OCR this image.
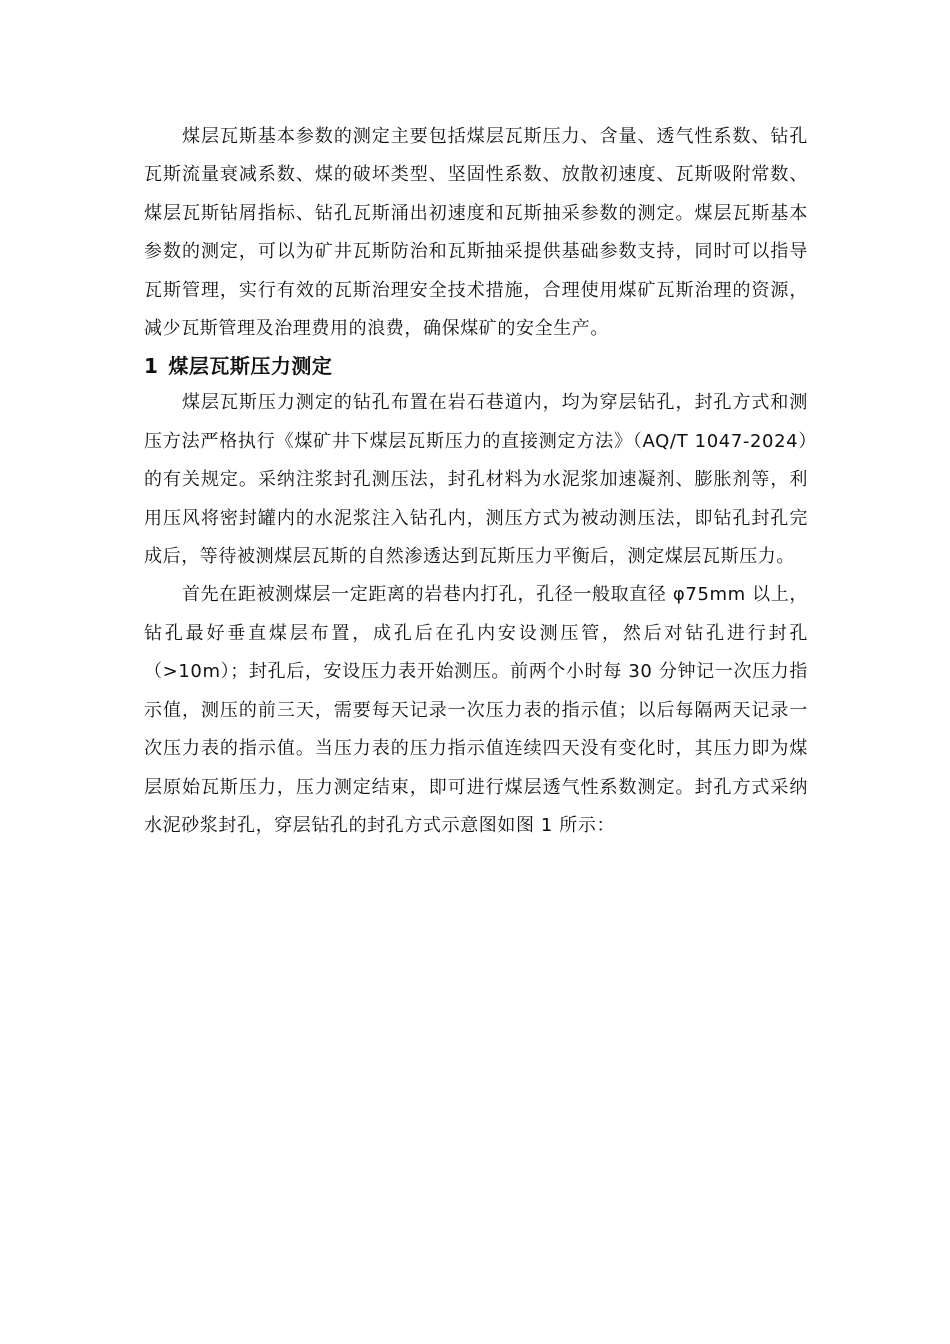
煤层瓦斯基本参数的测定主要包括煤层瓦斯压力、含量、透气性系数、钻孔瓦斯流量衰减系数、煤的破坏类型、坚固性系数、放散初速度、瓦斯吸附常数、煤层瓦斯钻屑指标、钻孔瓦斯涌出初速度和瓦斯抽采参数的测定。煤层瓦斯基本参数的测定，可以为矿井瓦斯防治和瓦斯抽采提供基础参数支持，同时可以指导瓦斯管理，实行有效的瓦斯治理安全技术措施，合理使用煤矿瓦斯治理的资源，减少瓦斯管理及治理费用的浪费，确保煤矿的安全生产。

1 煤层瓦斯压力测定

煤层瓦斯压力测定的钻孔布置在岩石巷道内，均为穿层钻孔，封孔方式和测压方法严格执行《煤矿井下煤层瓦斯压力的直接测定方法》（AQ/T 1047-2024）的有关规定。采纳注浆封孔测压法，封孔材料为水泥浆加速凝剂、膨胀剂等，利用压风将密封罐内的水泥浆注入钻孔内，测压方式为被动测压法，即钻孔封孔完成后，等待被测煤层瓦斯的自然渗透达到瓦斯压力平衡后，测定煤层瓦斯压力。

首先在距被测煤层一定距离的岩巷内打孔，孔径一般取直径 φ75mm 以上，钻孔最好垂直煤层布置，成孔后在孔内安设测压管，然后对钻孔进行封孔（>10m）；封孔后，安设压力表开始测压。前两个小时每 30 分钟记一次压力指示值，测压的前三天，需要每天记录一次压力表的指示值；以后每隔两天记录一次压力表的指示值。当压力表的压力指示值连续四天没有变化时，其压力即为煤层原始瓦斯压力，压力测定结束，即可进行煤层透气性系数测定。封孔方式采纳水泥砂浆封孔，穿层钻孔的封孔方式示意图如图 1 所示：
